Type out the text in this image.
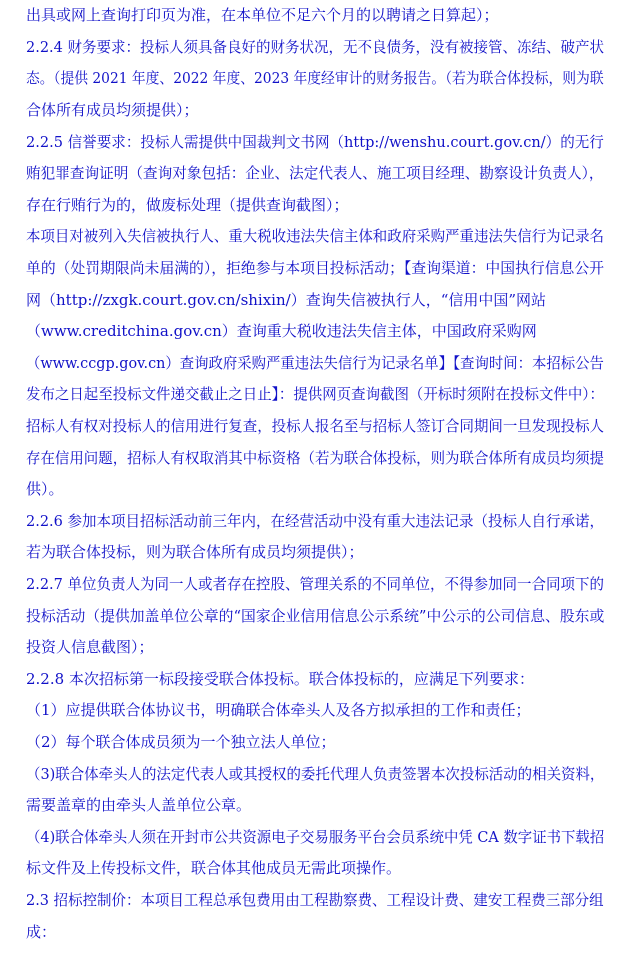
出具或网上查询打印页为准，在本单位不足六个月的以聘请之日算起）；
2.2.4 财务要求：投标人须具备良好的财务状况，无不良债务，没有被接管、冻结、破产状
态。（提供 2021 年度、2022 年度、2023 年度经审计的财务报告。（若为联合体投标，则为联
合体所有成员均须提供）；
2.2.5 信誉要求：投标人需提供中国裁判文书网（http://wenshu.court.gov.cn/）的无行
贿犯罪查询证明（查询对象包括：企业、法定代表人、施工项目经理、勘察设计负责人），
存在行贿行为的，做废标处理（提供查询截图）；
本项目对被列入失信被执行人、重大税收违法失信主体和政府采购严重违法失信行为记录名
单的（处罚期限尚未届满的），拒绝参与本项目投标活动；【查询渠道：中国执行信息公开
网（http://zxgk.court.gov.cn/shixin/）查询失信被执行人，“信用中国”网站
（www.creditchina.gov.cn）查询重大税收违法失信主体，中国政府采购网
（www.ccgp.gov.cn）查询政府采购严重违法失信行为记录名单】【查询时间：本招标公告
发布之日起至投标文件递交截止之日止】：提供网页查询截图（开标时须附在投标文件中）：
招标人有权对投标人的信用进行复查，投标人报名至与招标人签订合同期间一旦发现投标人
存在信用问题，招标人有权取消其中标资格（若为联合体投标，则为联合体所有成员均须提
供）。
2.2.6 参加本项目招标活动前三年内，在经营活动中没有重大违法记录（投标人自行承诺，
若为联合体投标，则为联合体所有成员均须提供）；
2.2.7 单位负责人为同一人或者存在控股、管理关系的不同单位，不得参加同一合同项下的
投标活动（提供加盖单位公章的“国家企业信用信息公示系统”中公示的公司信息、股东或
投资人信息截图）；
2.2.8 本次招标第一标段接受联合体投标。联合体投标的，应满足下列要求：
（1）应提供联合体协议书，明确联合体牵头人及各方拟承担的工作和责任；
（2）每个联合体成员须为一个独立法人单位；
（3)联合体牵头人的法定代表人或其授权的委托代理人负责签署本次投标活动的相关资料，
需要盖章的由牵头人盖单位公章。
（4)联合体牵头人须在开封市公共资源电子交易服务平台会员系统中凭 CA 数字证书下载招
标文件及上传投标文件，联合体其他成员无需此项操作。
2.3 招标控制价：本项目工程总承包费用由工程勘察费、工程设计费、建安工程费三部分组
成：
